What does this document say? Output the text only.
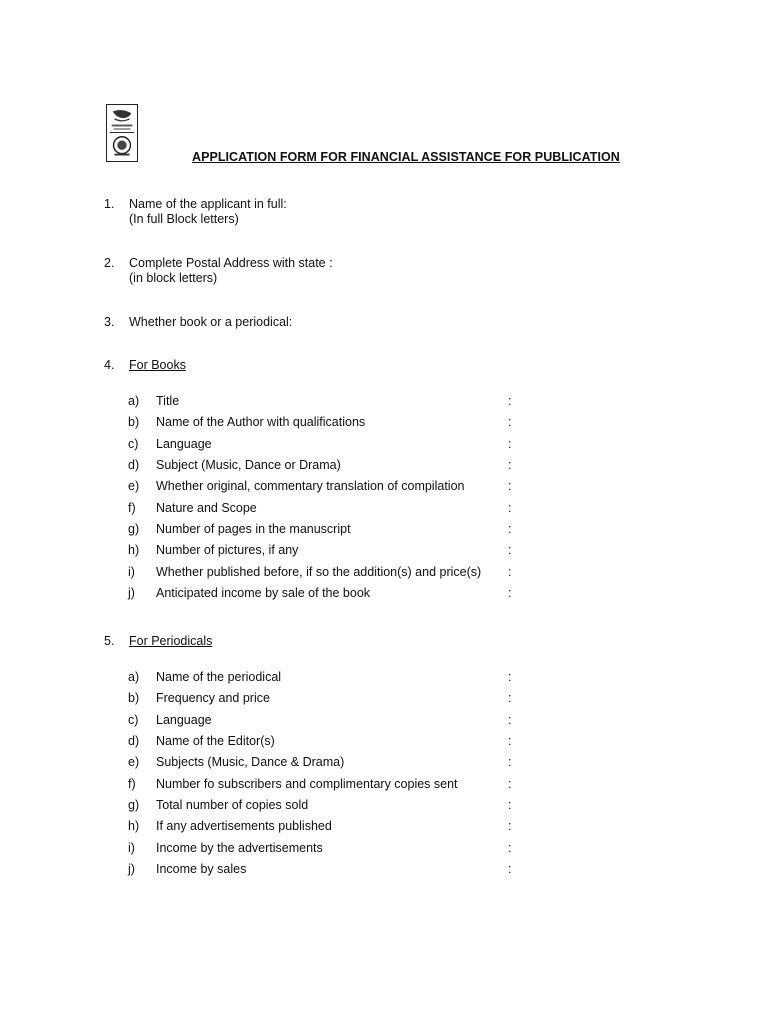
APPLICATION FORM FOR FINANCIAL ASSISTANCE FOR PUBLICATION
1. Name of the applicant in full:
(In full Block letters)
2. Complete Postal Address with state :
(in block letters)
3. Whether book or a periodical:
4. For Books
a) Title	:
b) Name of the Author with qualifications	:
c) Language	:
d) Subject (Music, Dance or Drama)	:
e) Whether original, commentary translation of compilation	:
f) Nature and Scope	:
g) Number of pages in the manuscript	:
h) Number of pictures, if any	:
i) Whether published before, if so the addition(s) and price(s) :
j) Anticipated income by sale of the book	:
5. For Periodicals
a) Name of the periodical	:
b) Frequency and price	:
c) Language	:
d) Name of the Editor(s)	:
e) Subjects (Music, Dance & Drama)	:
f) Number fo subscribers and complimentary copies sent	:
g) Total number of copies sold	:
h) If any advertisements published	:
i) Income by the advertisements	:
j) Income by sales	:
